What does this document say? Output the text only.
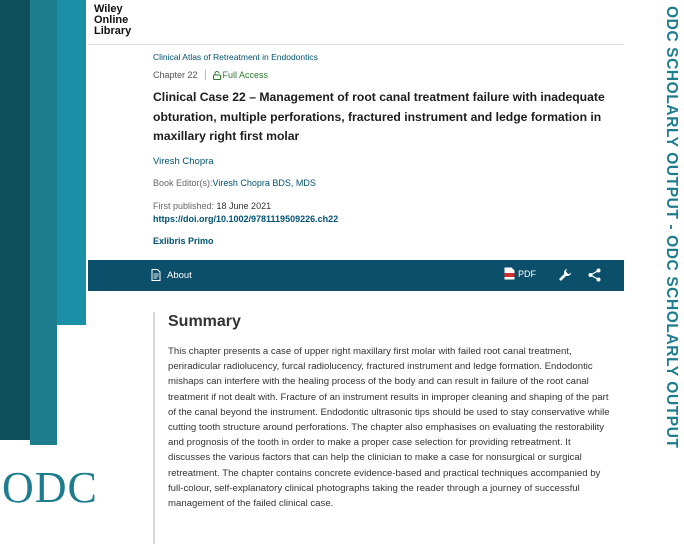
ODC
ODC SCHOLARLY OUTPUT - ODC SCHOLARLY OUTPUT
Wiley
Online
Library
Clinical Atlas of Retreatment in Endodontics
Chapter 22	Full Access
Clinical Case 22 – Management of root canal treatment failure with inadequate obturation, multiple perforations, fractured instrument and ledge formation in maxillary right first molar
Viresh Chopra
Book Editor(s):Viresh Chopra BDS, MDS
First published: 18 June 2021
https://doi.org/10.1002/9781119509226.ch22
Exlibris Primo
About	PDF
Summary

This chapter presents a case of upper right maxillary first molar with failed root canal treatment, periradicular radiolucency, furcal radiolucency, fractured instrument and ledge formation. Endodontic mishaps can interfere with the healing process of the body and can result in failure of the root canal treatment if not dealt with. Fracture of an instrument results in improper cleaning and shaping of the part of the canal beyond the instrument. Endodontic ultrasonic tips should be used to stay conservative while cutting tooth structure around perforations. The chapter also emphasises on evaluating the restorability and prognosis of the tooth in order to make a proper case selection for providing retreatment. It discusses the various factors that can help the clinician to make a case for nonsurgical or surgical retreatment. The chapter contains concrete evidence-based and practical techniques accompanied by full-colour, self-explanatory clinical photographs taking the reader through a journey of successful management of the failed clinical case.
